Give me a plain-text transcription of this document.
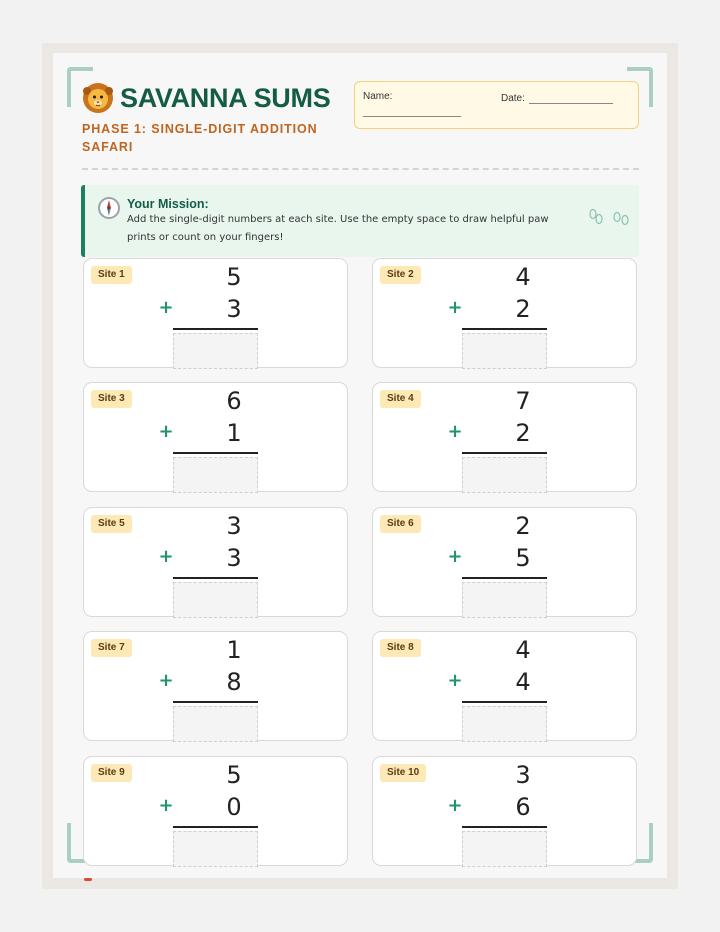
SAVANNA SUMS
PHASE 1: SINGLE-DIGIT ADDITION SAFARI
Name:	Date:
Your Mission:
Add the single-digit numbers at each site. Use the empty space to draw helpful paw prints or count on your fingers!
Site 1	5
+ 3
Site 2	4
+ 2
Site 3	6
+ 1
Site 4	7
+ 2
Site 5	3
+ 3
Site 6	2
+ 5
Site 7	1
+ 8
Site 8	4
+ 4
Site 9	5
+ 0
Site 10	3
+ 6
